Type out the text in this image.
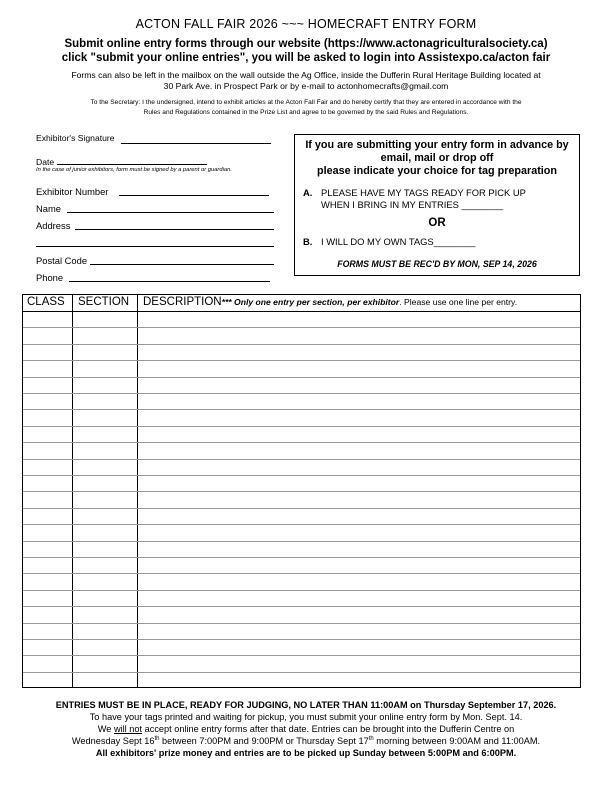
ACTON FALL FAIR 2026 ~~~ HOMECRAFT ENTRY FORM
Submit online entry forms through our website (https://www.actonagriculturalsociety.ca)
click "submit your online entries", you will be asked to login into Assistexpo.ca/acton fair
Forms can also be left in the mailbox on the wall outside the Ag Office, inside the Dufferin Rural Heritage Building located at
30 Park Ave. in Prospect Park or by e-mail to actonhomecrafts@gmail.com
To the Secretary: I the undersigned, intend to exhibit articles at the Acton Fall Fair and do hereby certify that they are entered in accordance with the
Rules and Regulations contained in the Prize List and agree to be governed by the said Rules and Regulations.
Exhibitor's Signature
Date
In the case of junior exhibitors, form must be signed by a parent or guardian.
Exhibitor Number
Name
Address
Postal Code
Phone
If you are submitting your entry form in advance by
email, mail or drop off
please indicate your choice for tag preparation
A. PLEASE HAVE MY TAGS READY FOR PICK UP
WHEN I BRING IN MY ENTRIES ________
OR
B. I WILL DO MY OWN TAGS________
FORMS MUST BE REC'D BY MON, SEP 14, 2026
CLASS SECTION DESCRIPTION*** Only one entry per section, per exhibitor. Please use one line per entry.
ENTRIES MUST BE IN PLACE, READY FOR JUDGING, NO LATER THAN 11:00AM on Thursday September 17, 2026.
To have your tags printed and waiting for pickup, you must submit your online entry form by Mon. Sept. 14.
We will not accept online entry forms after that date. Entries can be brought into the Dufferin Centre on
Wednesday Sept 16th between 7:00PM and 9:00PM or Thursday Sept 17th morning between 9:00AM and 11:00AM.
All exhibitors' prize money and entries are to be picked up Sunday between 5:00PM and 6:00PM.
